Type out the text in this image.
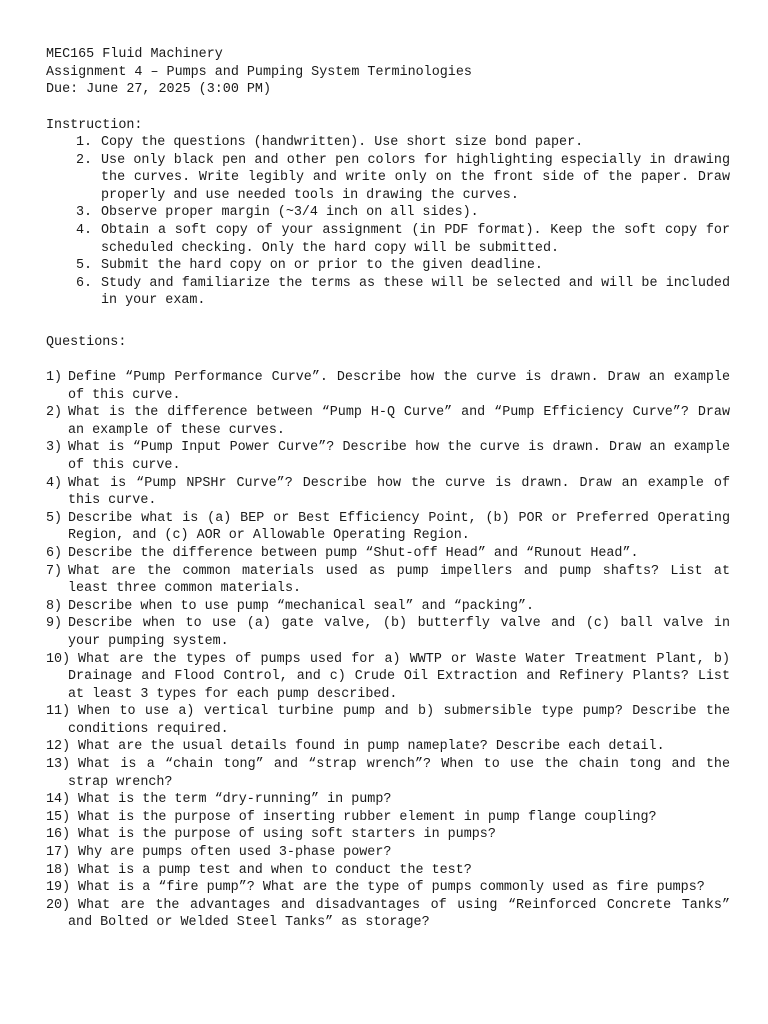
MEC165 Fluid Machinery
Assignment 4 – Pumps and Pumping System Terminologies
Due: June 27, 2025 (3:00 PM)
Instruction:
1. Copy the questions (handwritten). Use short size bond paper.
2. Use only black pen and other pen colors for highlighting especially in drawing the curves. Write legibly and write only on the front side of the paper. Draw properly and use needed tools in drawing the curves.
3. Observe proper margin (~3/4 inch on all sides).
4. Obtain a soft copy of your assignment (in PDF format). Keep the soft copy for scheduled checking. Only the hard copy will be submitted.
5. Submit the hard copy on or prior to the given deadline.
6. Study and familiarize the terms as these will be selected and will be included in your exam.
Questions:
1) Define “Pump Performance Curve”. Describe how the curve is drawn. Draw an example of this curve.
2) What is the difference between “Pump H-Q Curve” and “Pump Efficiency Curve”? Draw an example of these curves.
3) What is “Pump Input Power Curve”? Describe how the curve is drawn. Draw an example of this curve.
4) What is “Pump NPSHr Curve”? Describe how the curve is drawn. Draw an example of this curve.
5) Describe what is (a) BEP or Best Efficiency Point, (b) POR or Preferred Operating Region, and (c) AOR or Allowable Operating Region.
6) Describe the difference between pump “Shut-off Head” and “Runout Head”.
7) What are the common materials used as pump impellers and pump shafts? List at least three common materials.
8) Describe when to use pump “mechanical seal” and “packing”.
9) Describe when to use (a) gate valve, (b) butterfly valve and (c) ball valve in your pumping system.
10) What are the types of pumps used for a) WWTP or Waste Water Treatment Plant, b) Drainage and Flood Control, and c) Crude Oil Extraction and Refinery Plants? List at least 3 types for each pump described.
11) When to use a) vertical turbine pump and b) submersible type pump? Describe the conditions required.
12) What are the usual details found in pump nameplate? Describe each detail.
13) What is a “chain tong” and “strap wrench”? When to use the chain tong and the strap wrench?
14) What is the term “dry-running” in pump?
15) What is the purpose of inserting rubber element in pump flange coupling?
16) What is the purpose of using soft starters in pumps?
17) Why are pumps often used 3-phase power?
18) What is a pump test and when to conduct the test?
19) What is a “fire pump”? What are the type of pumps commonly used as fire pumps?
20) What are the advantages and disadvantages of using “Reinforced Concrete Tanks” and Bolted or Welded Steel Tanks” as storage?
